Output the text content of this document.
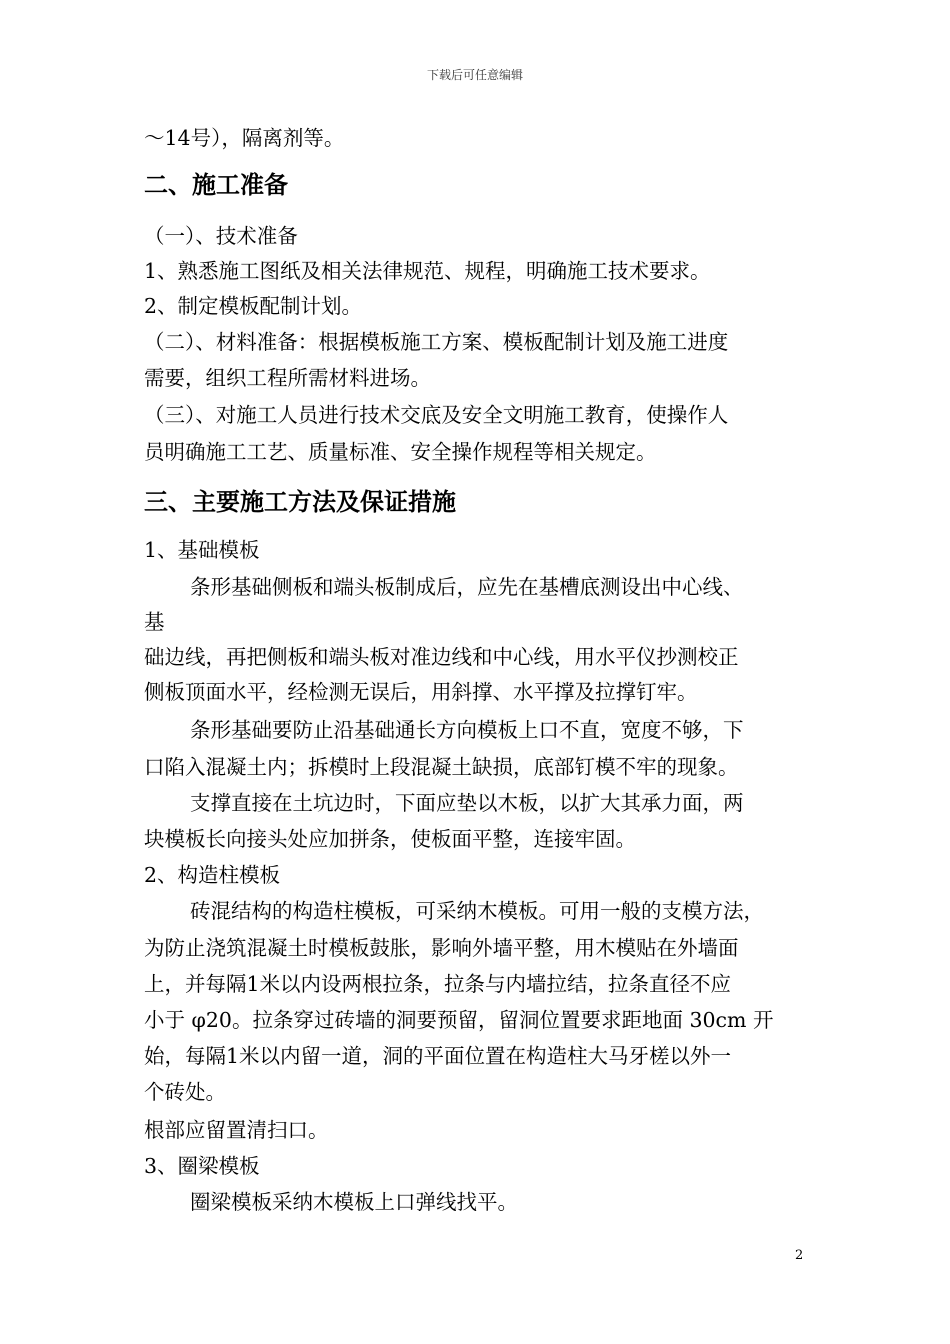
下载后可任意编辑
～14号），隔离剂等。
二、施工准备
（一）、技术准备
1、熟悉施工图纸及相关法律规范、规程，明确施工技术要求。
2、制定模板配制计划。
（二）、材料准备：根据模板施工方案、模板配制计划及施工进度
需要，组织工程所需材料进场。
（三）、对施工人员进行技术交底及安全文明施工教育，使操作人
员明确施工工艺、质量标准、安全操作规程等相关规定。
三、主要施工方法及保证措施
1、基础模板
条形基础侧板和端头板制成后，应先在基槽底测设出中心线、
基
础边线，再把侧板和端头板对准边线和中心线，用水平仪抄测校正
侧板顶面水平，经检测无误后，用斜撑、水平撑及拉撑钉牢。
条形基础要防止沿基础通长方向模板上口不直，宽度不够，下
口陷入混凝土内；拆模时上段混凝土缺损，底部钉模不牢的现象。
支撑直接在土坑边时，下面应垫以木板，以扩大其承力面，两
块模板长向接头处应加拼条，使板面平整，连接牢固。
2、构造柱模板
砖混结构的构造柱模板，可采纳木模板。可用一般的支模方法，
为防止浇筑混凝土时模板鼓胀，影响外墙平整，用木模贴在外墙面
上，并每隔1米以内设两根拉条，拉条与内墙拉结，拉条直径不应
小于 φ20。拉条穿过砖墙的洞要预留，留洞位置要求距地面 30cm 开
始，每隔1米以内留一道，洞的平面位置在构造柱大马牙槎以外一
个砖处。
根部应留置清扫口。
3、圈梁模板
圈梁模板采纳木模板上口弹线找平。
2
